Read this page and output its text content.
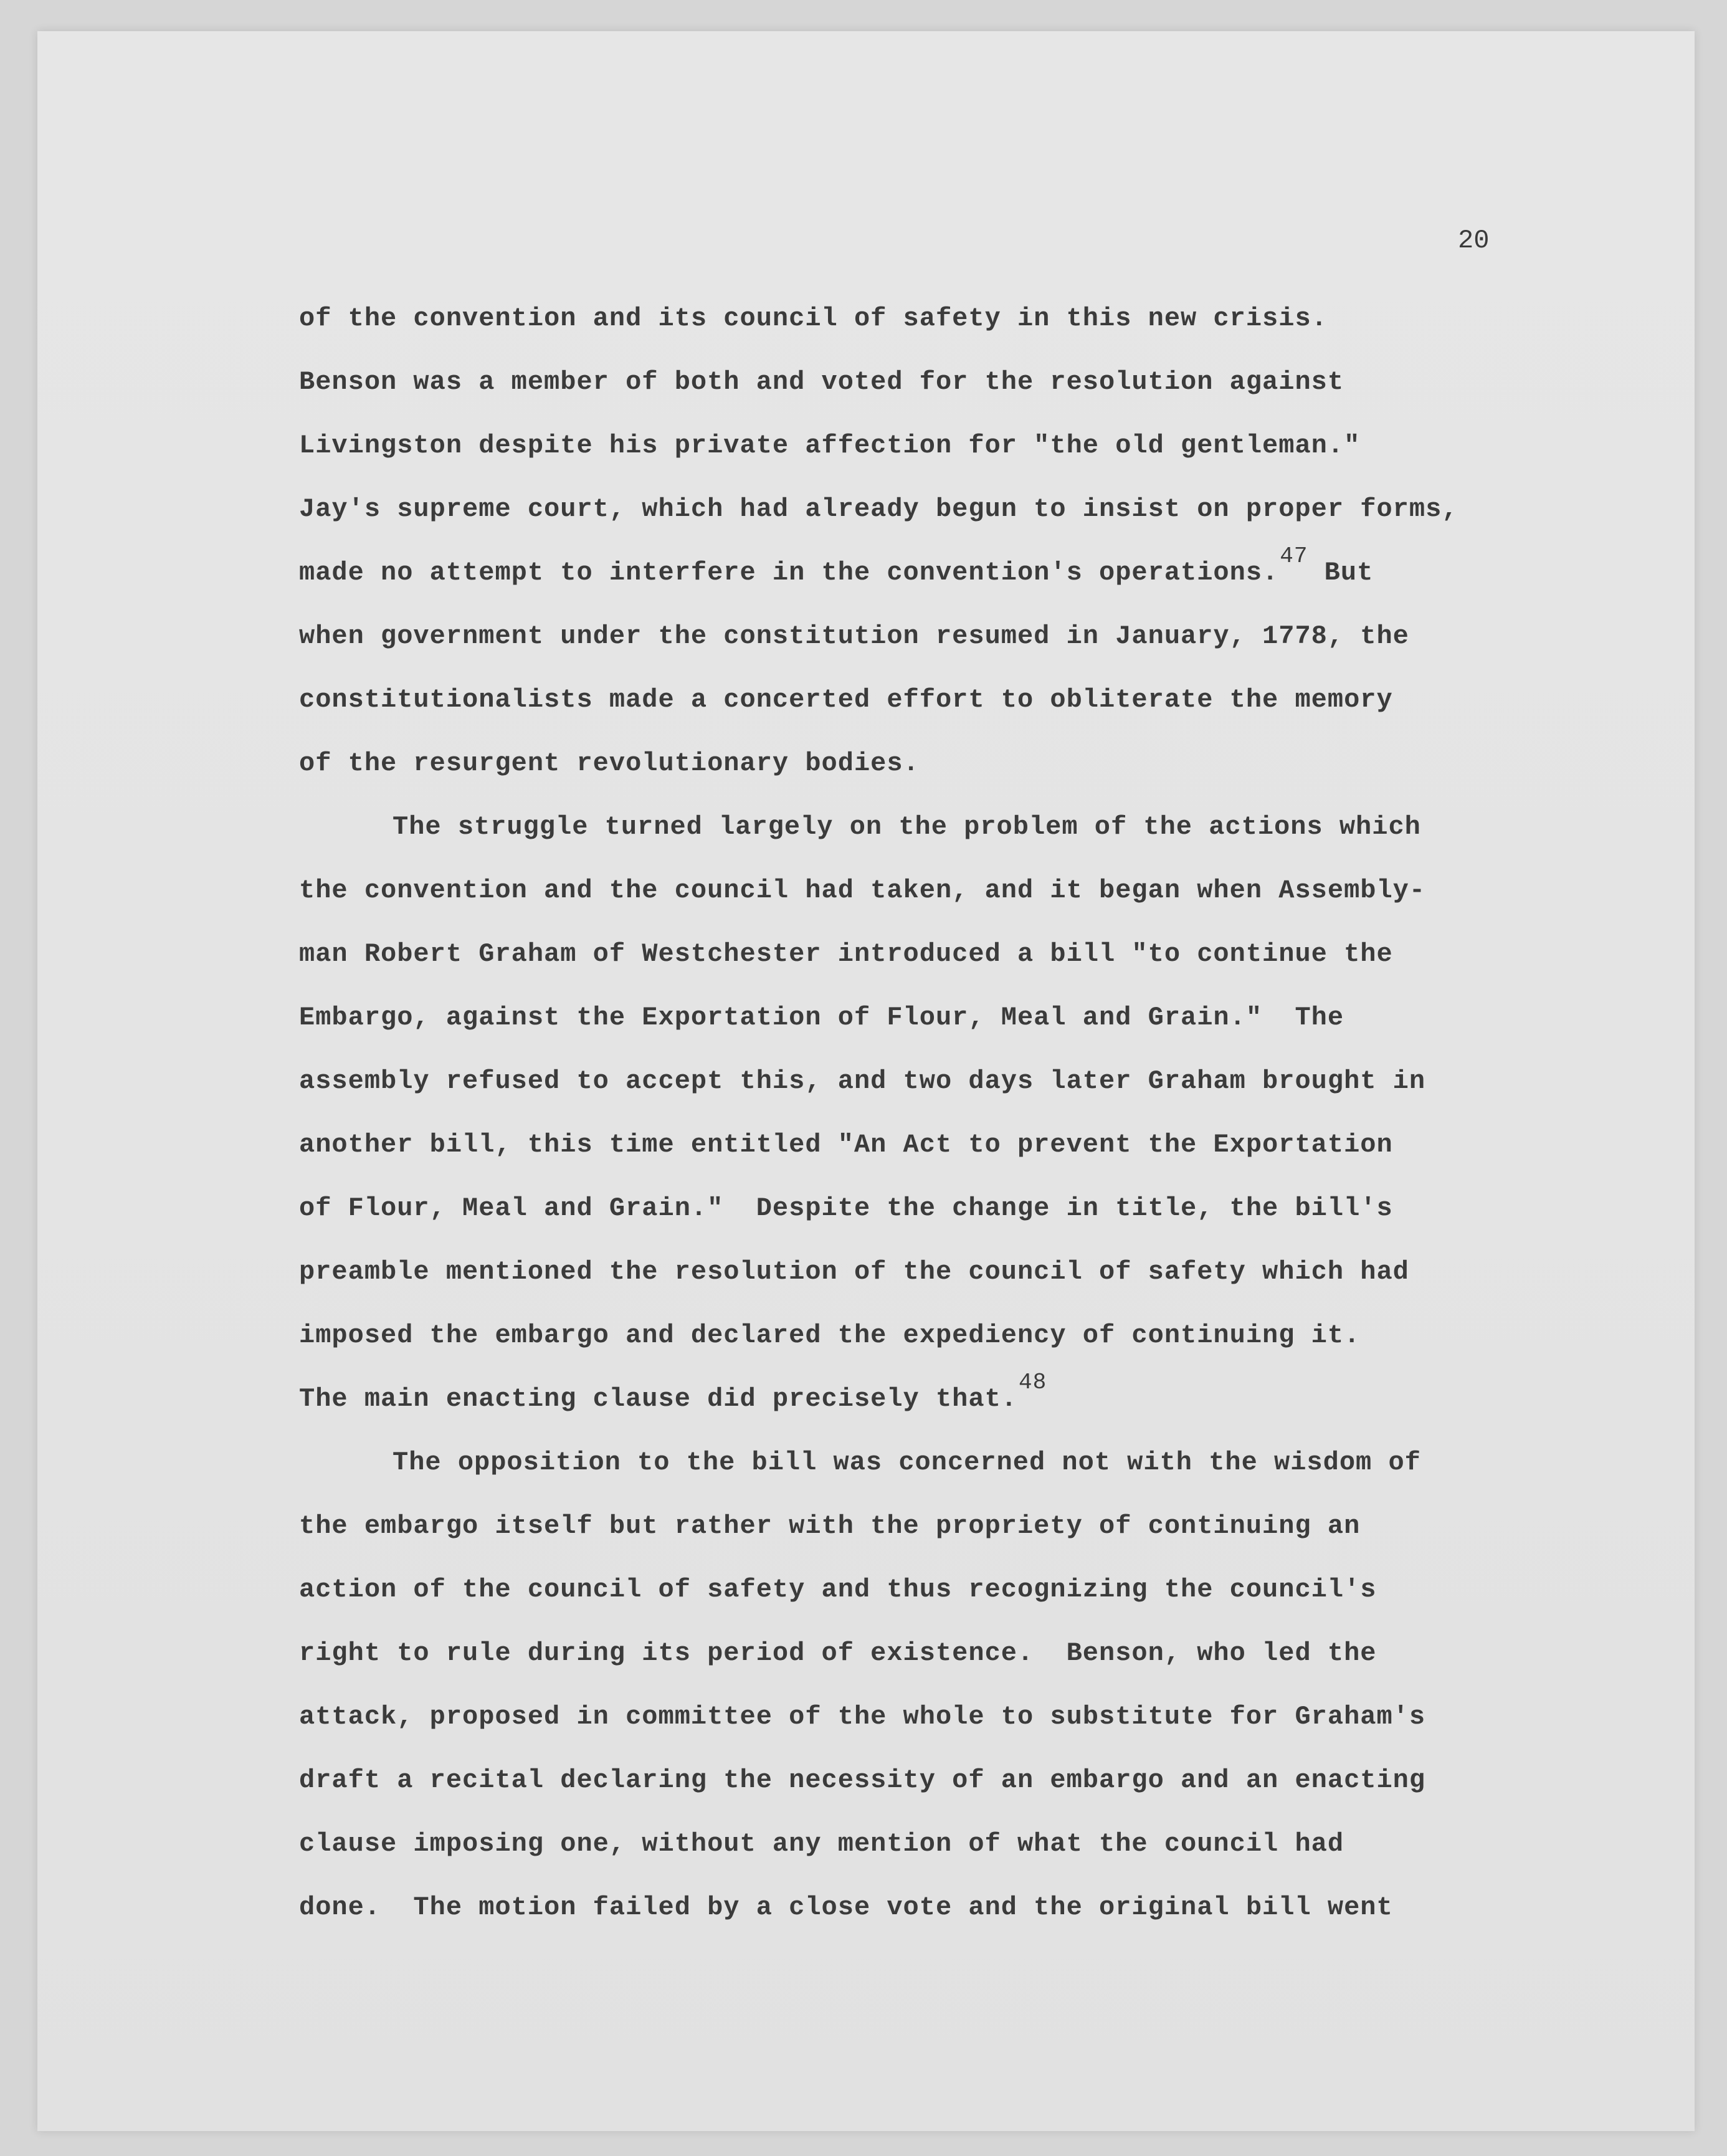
20

of the convention and its council of safety in this new crisis.
Benson was a member of both and voted for the resolution against
Livingston despite his private affection for "the old gentleman."
Jay's supreme court, which had already begun to insist on proper forms,
made no attempt to interfere in the convention's operations.$^{47}$ But
when government under the constitution resumed in January, 1778, the
constitutionalists made a concerted effort to obliterate the memory
of the resurgent revolutionary bodies.
The struggle turned largely on the problem of the actions which
the convention and the council had taken, and it began when Assembly-
man Robert Graham of Westchester introduced a bill "to continue the
Embargo, against the Exportation of Flour, Meal and Grain."  The
assembly refused to accept this, and two days later Graham brought in
another bill, this time entitled "An Act to prevent the Exportation
of Flour, Meal and Grain."  Despite the change in title, the bill's
preamble mentioned the resolution of the council of safety which had
imposed the embargo and declared the expediency of continuing it.
The main enacting clause did precisely that.$^{48}$
The opposition to the bill was concerned not with the wisdom of
the embargo itself but rather with the propriety of continuing an
action of the council of safety and thus recognizing the council's
right to rule during its period of existence.  Benson, who led the
attack, proposed in committee of the whole to substitute for Graham's
draft a recital declaring the necessity of an embargo and an enacting
clause imposing one, without any mention of what the council had
done.  The motion failed by a close vote and the original bill went
